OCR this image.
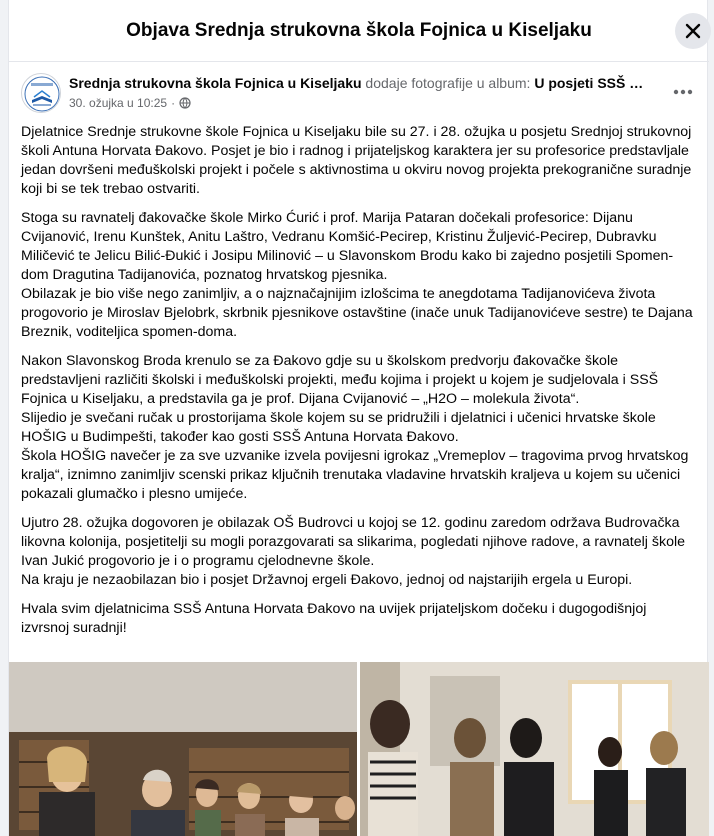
Objava Srednja strukovna škola Fojnica u Kiseljaku
Srednja strukovna škola Fojnica u Kiseljaku dodaje fotografije u album: U posjeti SSŠ …
30. ožujka u 10:25 ·

Djelatnice Srednje strukovne škole Fojnica u Kiseljaku bile su 27. i 28. ožujka u posjetu Srednjoj strukovnoj školi Antuna Horvata Đakovo. Posjet je bio i radnog i prijateljskog karaktera jer su profesorice predstavljale jedan dovršeni međuškolski projekt i počele s aktivnostima u okviru novog projekta prekogranične suradnje koji bi se tek trebao ostvariti.

Stoga su ravnatelj đakovačke škole Mirko Ćurić i prof. Marija Pataran dočekali profesorice: Dijanu Cvijanović, Irenu Kunštek, Anitu Laštro, Vedranu Komšić-Pecirep, Kristinu Žuljević-Pecirep, Dubravku Miličević te Jelicu Bilić-Đukić i Josipu Milinović – u Slavonskom Brodu kako bi zajedno posjetili Spomen-dom Dragutina Tadijanovića, poznatog hrvatskog pjesnika.
Obilazak je bio više nego zanimljiv, a o najznačajnijim izlošcima te anegdotama Tadijanovićeva života progovorio je Miroslav Bjelobrk, skrbnik pjesnikove ostavštine (inače unuk Tadijanovićeve sestre) te Dajana Breznik, voditeljica spomen-doma.

Nakon Slavonskog Broda krenulo se za Đakovo gdje su u školskom predvorju đakovačke škole predstavljeni različiti školski i međuškolski projekti, među kojima i projekt u kojem je sudjelovala i SSŠ Fojnica u Kiseljaku, a predstavila ga je prof. Dijana Cvijanović – „H2O – molekula života“.
Slijedio je svečani ručak u prostorijama škole kojem su se pridružili i djelatnici i učenici hrvatske škole HOŠIG u Budimpešti, također kao gosti SSŠ Antuna Horvata Đakovo.
Škola HOŠIG navečer je za sve uzvanike izvela povijesni igrokaz „Vremeplov – tragovima prvog hrvatskog kralja“, iznimno zanimljiv scenski prikaz ključnih trenutaka vladavine hrvatskih kraljeva u kojem su učenici pokazali glumačko i plesno umijeće.

Ujutro 28. ožujka dogovoren je obilazak OŠ Budrovci u kojoj se 12. godinu zaredom održava Budrovačka likovna kolonija, posjetitelji su mogli porazgovarati sa slikarima, pogledati njihove radove, a ravnatelj škole Ivan Jukić progovorio je i o programu cjelodnevne škole.
Na kraju je nezaobilazan bio i posjet Državnoj ergeli Đakovo, jednoj od najstarijih ergela u Europi.

Hvala svim djelatnicima SSŠ Antuna Horvata Đakovo na uvijek prijateljskom dočeku i dugogodišnjoj izvrsnoj suradnji!
